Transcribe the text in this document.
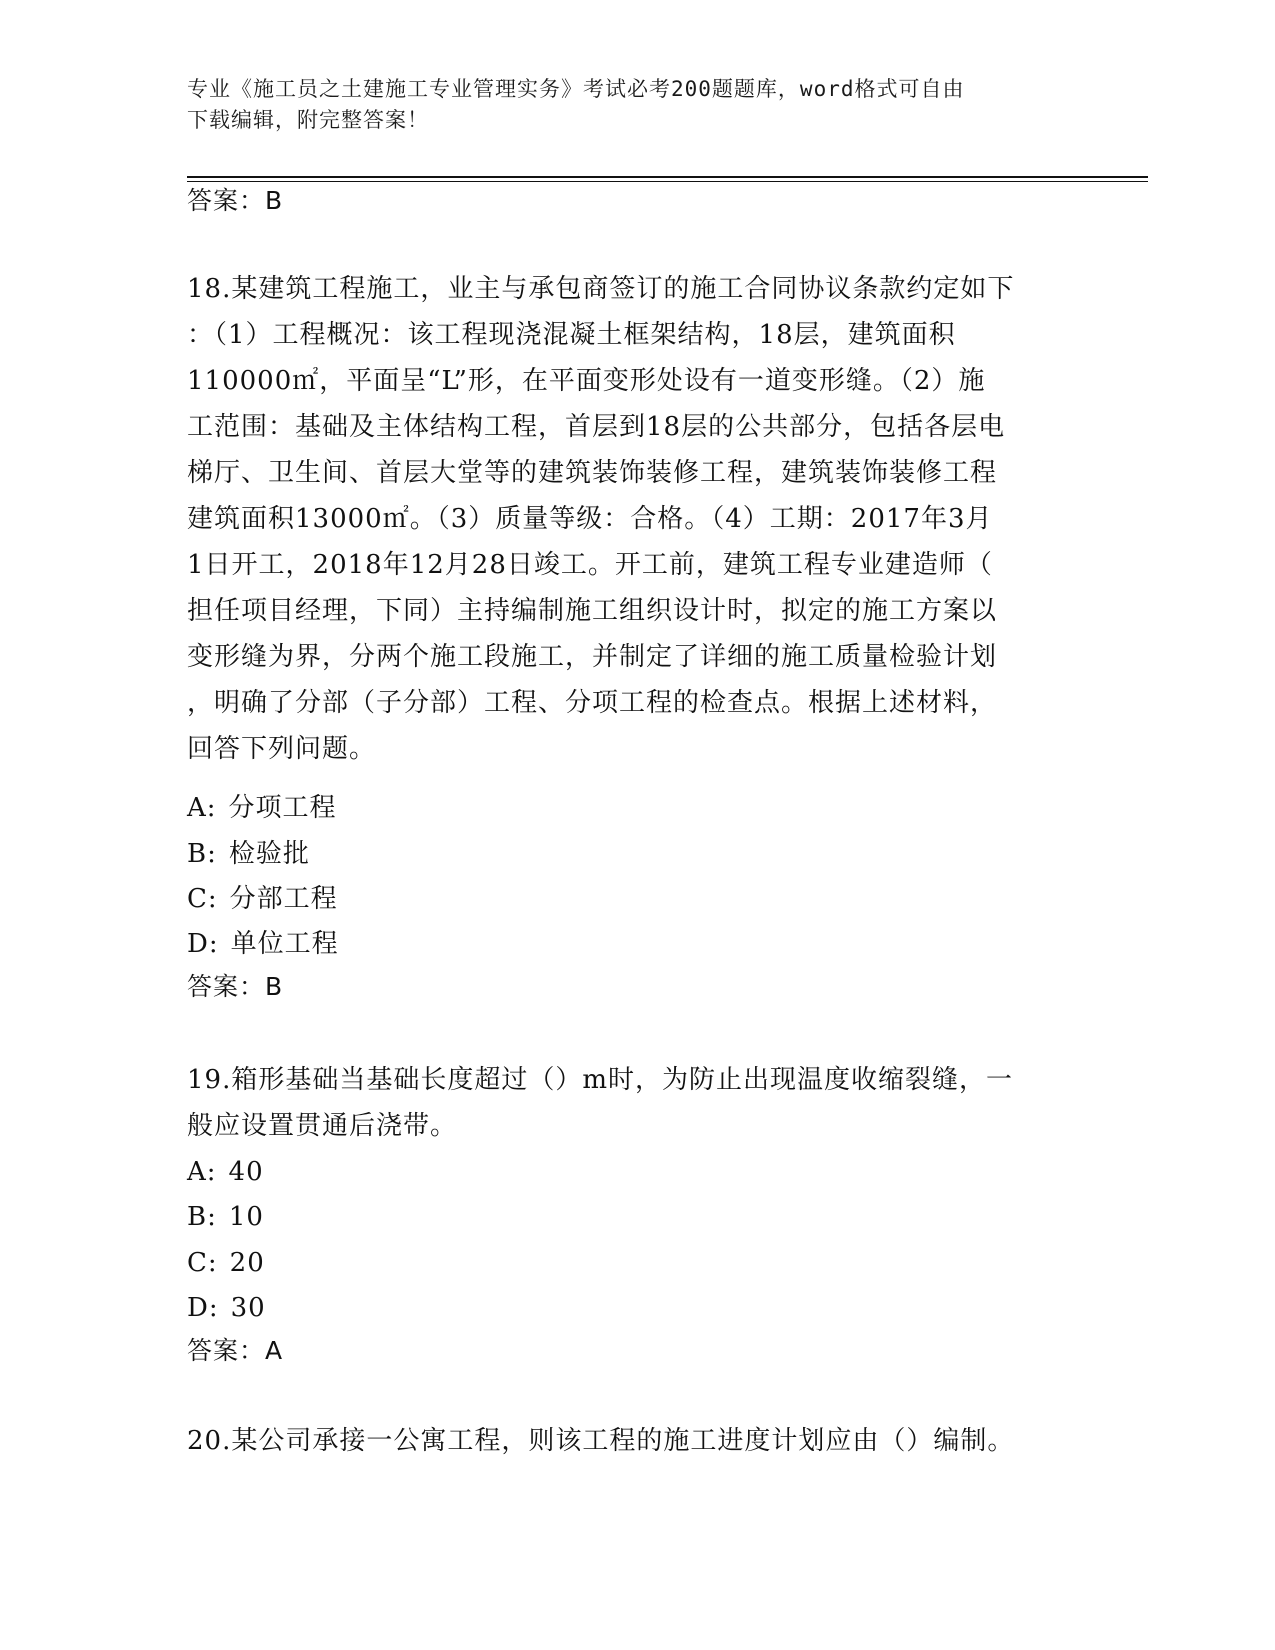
专业《施工员之土建施工专业管理实务》考试必考200题题库，word格式可自由
下载编辑，附完整答案！
答案：B
18.某建筑工程施工，业主与承包商签订的施工合同协议条款约定如下
：（1）工程概况：该工程现浇混凝土框架结构，18层，建筑面积
110000㎡，平面呈“L”形，在平面变形处设有一道变形缝。（2）施
工范围：基础及主体结构工程，首层到18层的公共部分，包括各层电
梯厅、卫生间、首层大堂等的建筑装饰装修工程，建筑装饰装修工程
建筑面积13000㎡。（3）质量等级：合格。（4）工期：2017年3月
1日开工，2018年12月28日竣工。开工前，建筑工程专业建造师（
担任项目经理，下同）主持编制施工组织设计时，拟定的施工方案以
变形缝为界，分两个施工段施工，并制定了详细的施工质量检验计划
，明确了分部（子分部）工程、分项工程的检查点。根据上述材料，
回答下列问题。
A: 分项工程
B: 检验批
C: 分部工程
D: 单位工程
答案：B
19.箱形基础当基础长度超过（）m时，为防止出现温度收缩裂缝，一
般应设置贯通后浇带。
A: 40
B: 10
C: 20
D: 30
答案：A
20.某公司承接一公寓工程，则该工程的施工进度计划应由（）编制。
